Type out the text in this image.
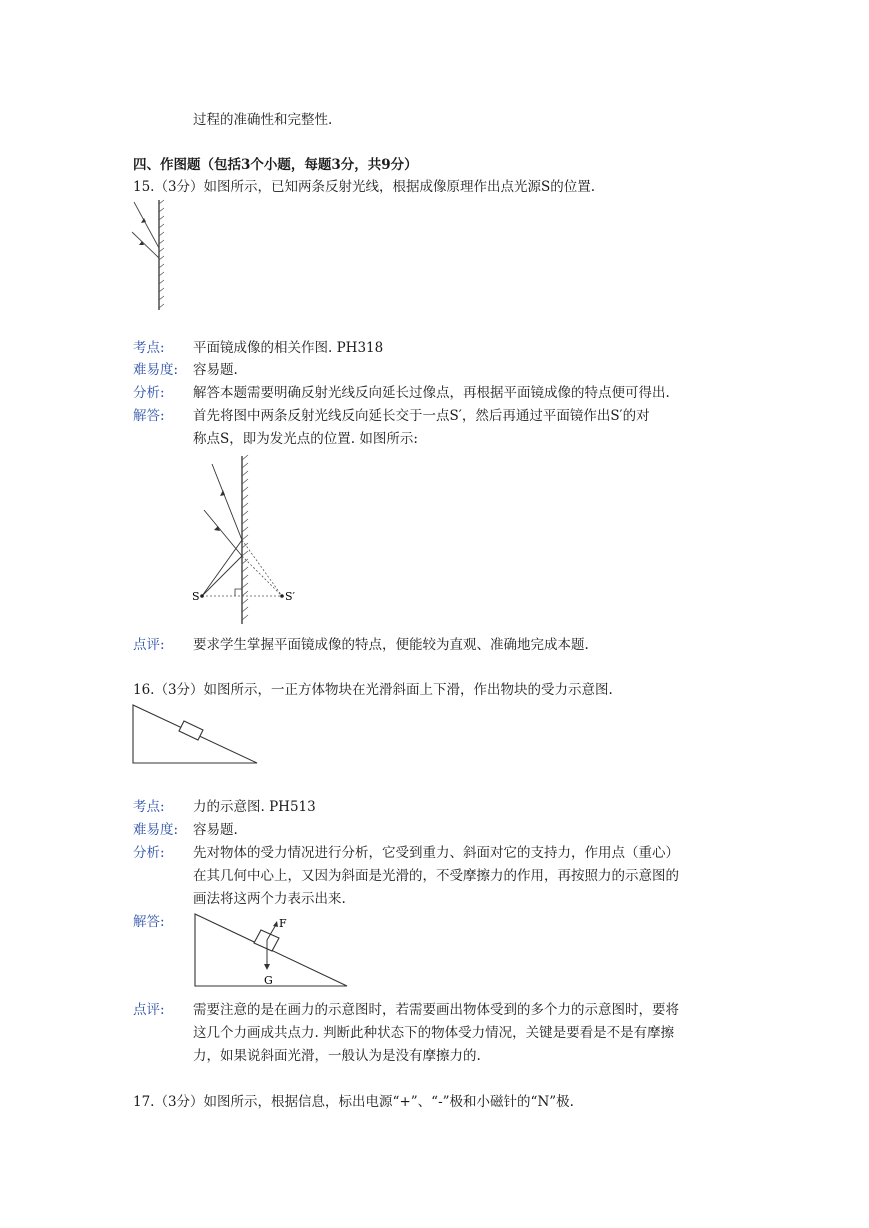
过程的准确性和完整性.
四、作图题（包括3个小题，每题3分，共9分）
15.（3分）如图所示，已知两条反射光线，根据成像原理作出点光源S的位置.
考点: 平面镜成像的相关作图. PH318
难易度: 容易题.
分析: 解答本题需要明确反射光线反向延长过像点，再根据平面镜成像的特点便可得出.
解答: 首先将图中两条反射光线反向延长交于一点S′，然后再通过平面镜作出S′的对
称点S，即为发光点的位置. 如图所示:
S	S′
点评: 要求学生掌握平面镜成像的特点，便能较为直观、准确地完成本题.
16.（3分）如图所示，一正方体物块在光滑斜面上下滑，作出物块的受力示意图.
考点: 力的示意图. PH513
难易度: 容易题.
分析: 先对物体的受力情况进行分析，它受到重力、斜面对它的支持力，作用点（重心）
在其几何中心上，又因为斜面是光滑的，不受摩擦力的作用，再按照力的示意图的
画法将这两个力表示出来.
解答:	F
G
点评: 需要注意的是在画力的示意图时，若需要画出物体受到的多个力的示意图时，要将
这几个力画成共点力. 判断此种状态下的物体受力情况，关键是要看是不是有摩擦
力，如果说斜面光滑，一般认为是没有摩擦力的.
17.（3分）如图所示，根据信息，标出电源“+”、“-”极和小磁针的“N”极.
